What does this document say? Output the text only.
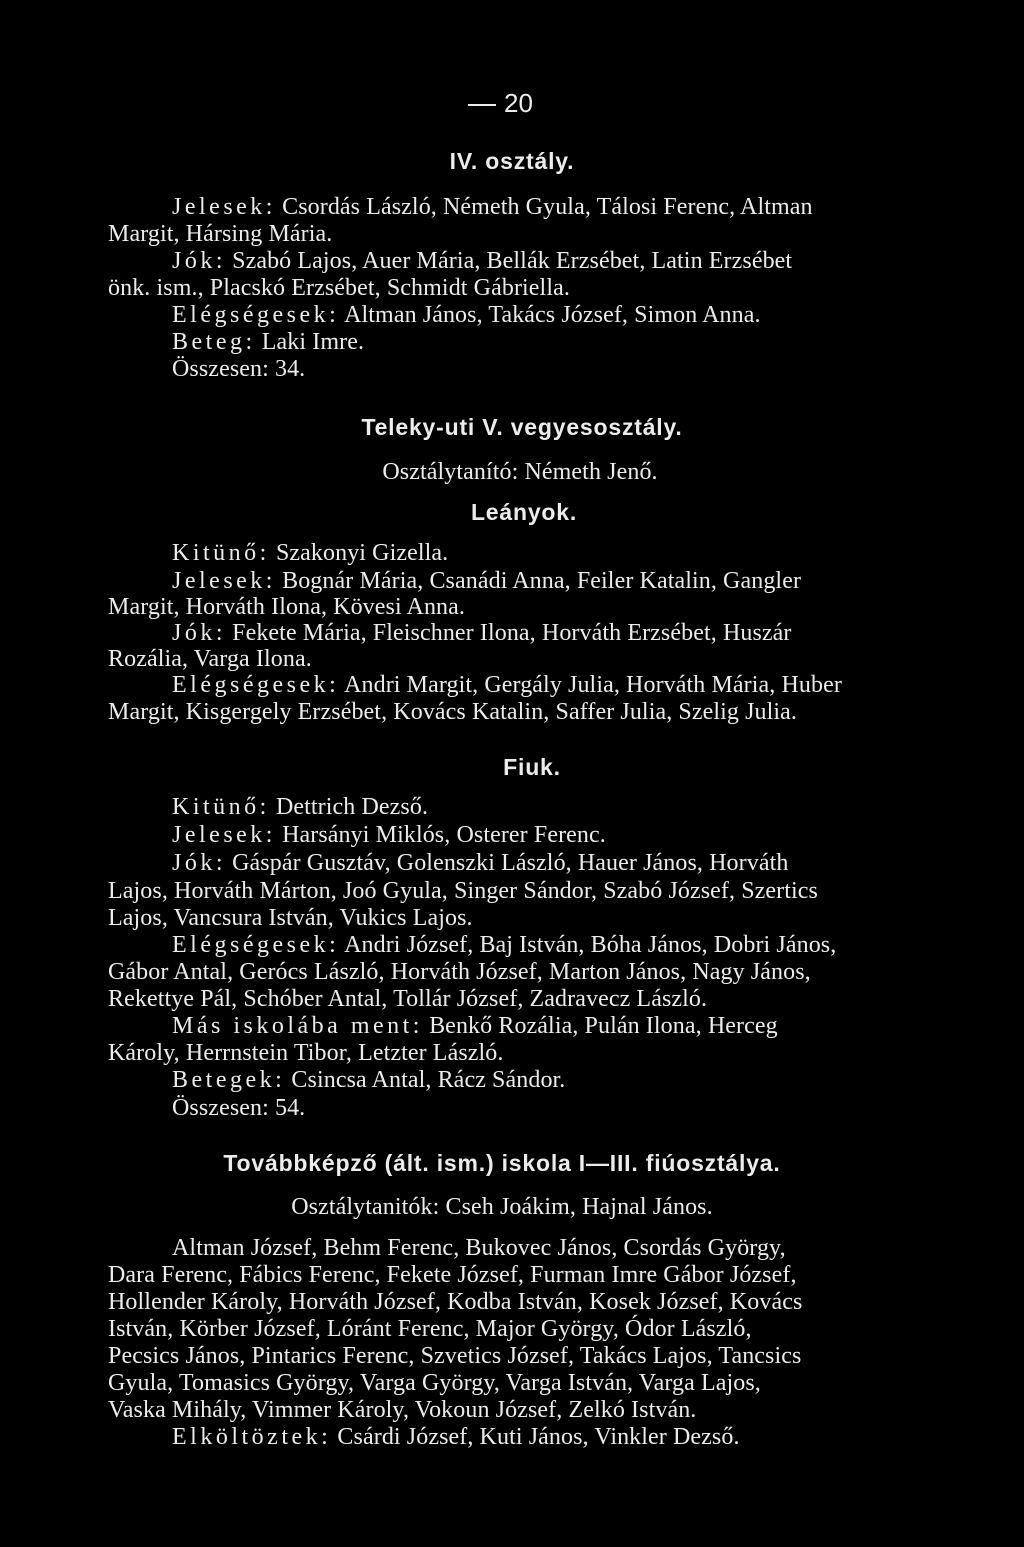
20
IV. osztály.
Jelesek: Csordás László, Németh Gyula, Tálosi Ferenc, Altman
Margit, Hársing Mária.
Jók: Szabó Lajos, Auer Mária, Bellák Erzsébet, Latin Erzsébet
önk. ism., Placskó Erzsébet, Schmidt Gábriella.
Elégségesek: Altman János, Takács József, Simon Anna.
Beteg: Laki Imre.
Összesen: 34.
Teleky-uti V. vegyesosztály.
Osztálytanító: Németh Jenő.
Leányok.
Kitünő: Szakonyi Gizella.
Jelesek: Bognár Mária, Csanádi Anna, Feiler Katalin, Gangler
Margit, Horváth Ilona, Kövesi Anna.
Jók: Fekete Mária, Fleischner Ilona, Horváth Erzsébet, Huszár
Rozália, Varga Ilona.
Elégségesek: Andri Margit, Gergály Julia, Horváth Mária, Huber
Margit, Kisgergely Erzsébet, Kovács Katalin, Saffer Julia, Szelig Julia.
Fiuk.
Kitünő: Dettrich Dezső.
Jelesek: Harsányi Miklós, Osterer Ferenc.
Jók: Gáspár Gusztáv, Golenszki László, Hauer János, Horváth
Lajos, Horváth Márton, Joó Gyula, Singer Sándor, Szabó József, Szertics
Lajos, Vancsura István, Vukics Lajos.
Elégségesek: Andri József, Baj István, Bóha János, Dobri János,
Gábor Antal, Gerócs László, Horváth József, Marton János, Nagy János,
Rekettye Pál, Schóber Antal, Tollár József, Zadravecz László.
Más iskolába ment: Benkő Rozália, Pulán Ilona, Herceg
Károly, Herrnstein Tibor, Letzter László.
Betegek: Csincsa Antal, Rácz Sándor.
Összesen: 54.
Továbbképző (ált. ism.) iskola I—III. fiúosztálya.
Osztálytanitók: Cseh Joákim, Hajnal János.
Altman József, Behm Ferenc, Bukovec János, Csordás György,
Dara Ferenc, Fábics Ferenc, Fekete József, Furman Imre Gábor József,
Hollender Károly, Horváth József, Kodba István, Kosek József, Kovács
István, Körber József, Lóránt Ferenc, Major György, Ódor László,
Pecsics János, Pintarics Ferenc, Szvetics József, Takács Lajos, Tancsics
Gyula, Tomasics György, Varga György, Varga István, Varga Lajos,
Vaska Mihály, Vimmer Károly, Vokoun József, Zelkó István.
Elköltöztek: Csárdi József, Kuti János, Vinkler Dezső.
